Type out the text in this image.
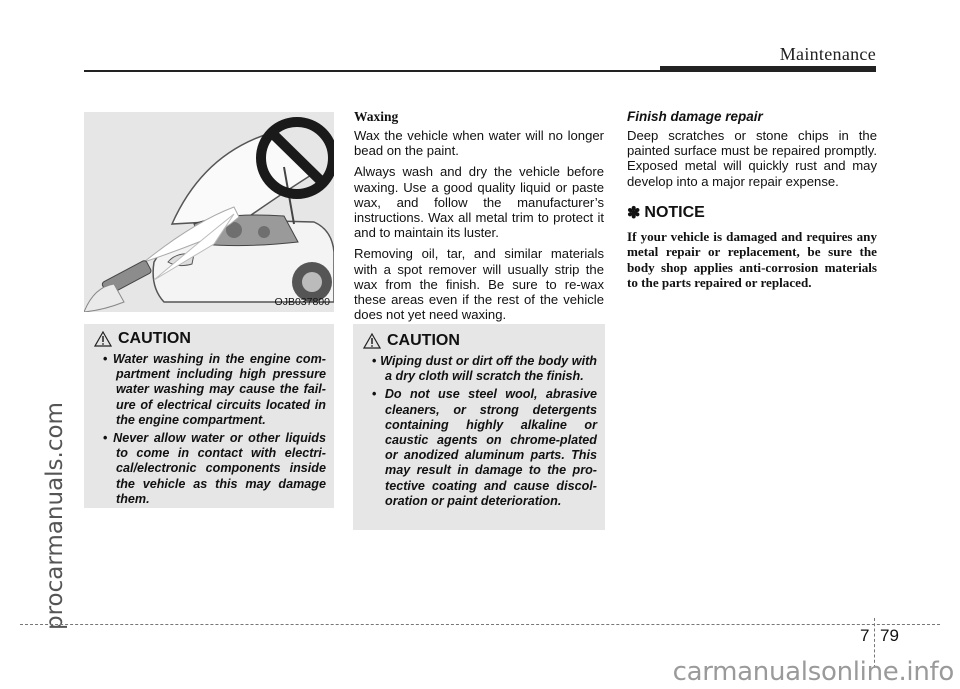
Maintenance
procarmanuals.com
OJB037800
CAUTION
• Water washing in the engine com-partment including high pressure water washing may cause the fail-ure of electrical circuits located in the engine compartment.
• Never allow water or other liquids to come in contact with electri-cal/electronic components inside the vehicle as this may damage them.
Waxing

Wax the vehicle when water will no longer bead on the paint.

Always wash and dry the vehicle before waxing. Use a good quality liquid or paste wax, and follow the manufacturer’s instructions. Wax all metal trim to protect it and to maintain its luster.

Removing oil, tar, and similar materials with a spot remover will usually strip the wax from the finish. Be sure to re-wax these areas even if the rest of the vehicle does not yet need waxing.

CAUTION
• Wiping dust or dirt off the body with a dry cloth will scratch the finish.
• Do not use steel wool, abrasive cleaners, or strong detergents containing highly alkaline or caustic agents on chrome-plated or anodized aluminum parts. This may result in damage to the pro-tective coating and cause discol-oration or paint deterioration.
Finish damage repair

Deep scratches or stone chips in the painted surface must be repaired promptly. Exposed metal will quickly rust and may develop into a major repair expense.

✽ NOTICE

If your vehicle is damaged and requires any metal repair or replacement, be sure the body shop applies anti-corrosion materials to the parts repaired or replaced.

7 79
carmanualsonline.info
